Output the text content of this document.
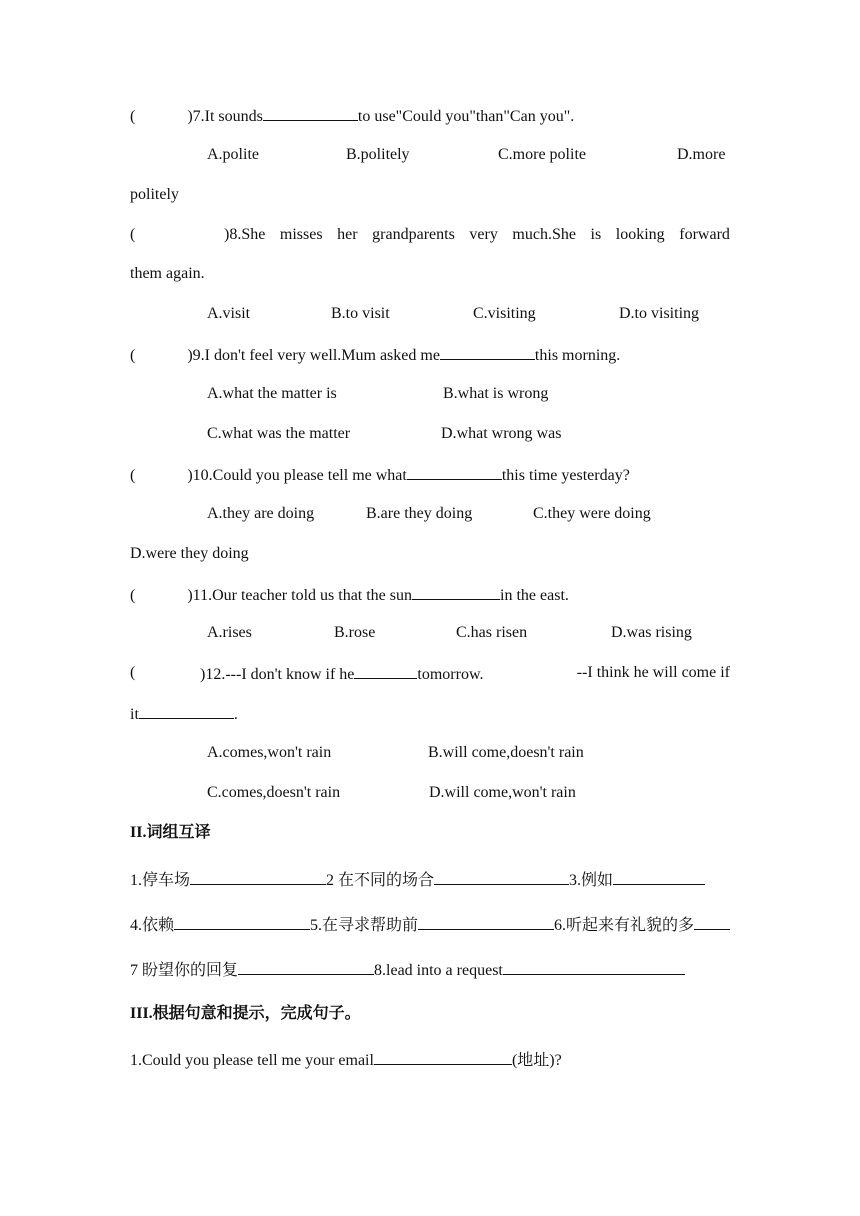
(	)7.It sounds	to use"Could you"than"Can you".
A.polite	B.politely	C.more polite	D.more
politely
(	)8.She misses her grandparents very much.She is looking forward
them again.
A.visit	B.to visit	C.visiting	D.to visiting
(	)9.I don't feel very well.Mum asked me	this morning.
A.what the matter is	B.what is wrong
C.what was the matter	D.what wrong was
(	)10.Could you please tell me what	this time yesterday?
A.they are doing	B.are they doing	C.they were doing
D.were they doing
(	)11.Our teacher told us that the sun	in the east.
A.rises	B.rose	C.has risen	D.was rising
(	)12.---I don't know if he	tomorrow.	--I think he will come if
it	.
A.comes,won't rain	B.will come,doesn't rain
C.comes,doesn't rain	D.will come,won't rain
II.词组互译
1.停车场	2 在不同的场合	3.例如
4.依赖	5.在寻求帮助前	6.听起来有礼貌的多
7 盼望你的回复	8.lead into a request
III.根据句意和提示，完成句子。
1.Could you please tell me your email	(地址)?
